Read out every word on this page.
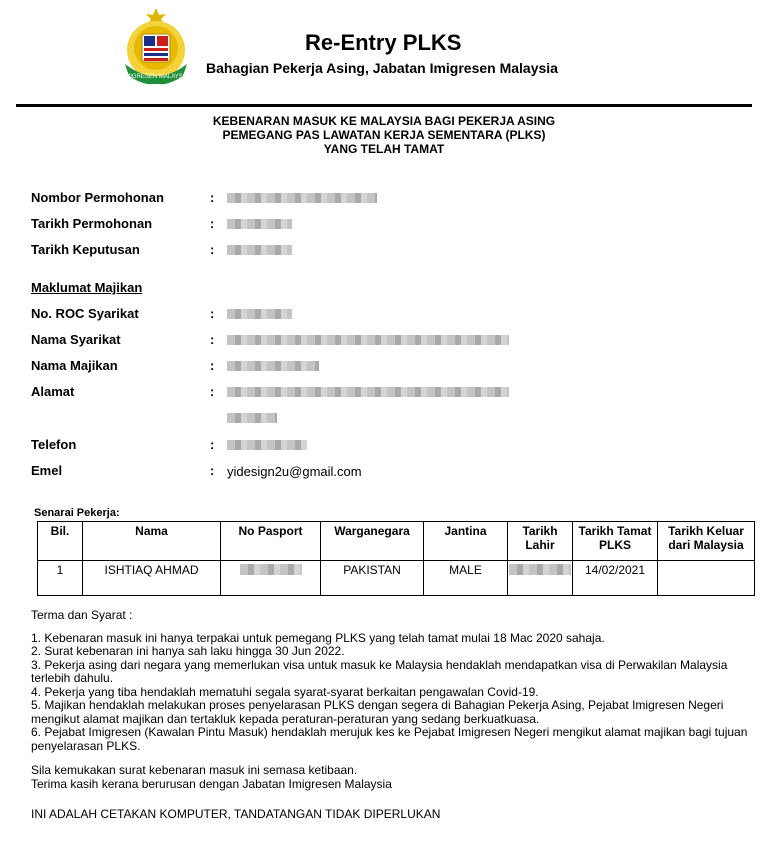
IMIGRESEN MALAYSIA
Re-Entry PLKS
Bahagian Pekerja Asing, Jabatan Imigresen Malaysia
KEBENARAN MASUK KE MALAYSIA BAGI PEKERJA ASING
PEMEGANG PAS LAWATAN KERJA SEMENTARA (PLKS)
YANG TELAH TAMAT
Nombor Permohonan	:
Tarikh Permohonan	:
Tarikh Keputusan	:
Maklumat Majikan
No. ROC Syarikat	:
Nama Syarikat	:
Nama Majikan	:
Alamat	:
Telefon	:
Emel	: yidesign2u@gmail.com
Senarai Pekerja:
Bil.	Nama	No Pasport	Warganegara	Jantina	Tarikh Lahir	Tarikh Tamat PLKS	Tarikh Keluar dari Malaysia
1	ISHTIAQ AHMAD		PAKISTAN	MALE		14/02/2021	

Terma dan Syarat :

1. Kebenaran masuk ini hanya terpakai untuk pemegang PLKS yang telah tamat mulai 18 Mac 2020 sahaja.

2. Surat kebenaran ini hanya sah laku hingga 30 Jun 2022.

3. Pekerja asing dari negara yang memerlukan visa untuk masuk ke Malaysia hendaklah mendapatkan visa di Perwakilan Malaysia terlebih dahulu.

4. Pekerja yang tiba hendaklah mematuhi segala syarat-syarat berkaitan pengawalan Covid-19.

5. Majikan hendaklah melakukan proses penyelarasan PLKS dengan segera di Bahagian Pekerja Asing, Pejabat Imigresen Negeri mengikut alamat majikan dan tertakluk kepada peraturan-peraturan yang sedang berkuatkuasa.

6. Pejabat Imigresen (Kawalan Pintu Masuk) hendaklah merujuk kes ke Pejabat Imigresen Negeri mengikut alamat majikan bagi tujuan penyelarasan PLKS.

Sila kemukakan surat kebenaran masuk ini semasa ketibaan.

Terima kasih kerana berurusan dengan Jabatan Imigresen Malaysia

INI ADALAH CETAKAN KOMPUTER, TANDATANGAN TIDAK DIPERLUKAN
